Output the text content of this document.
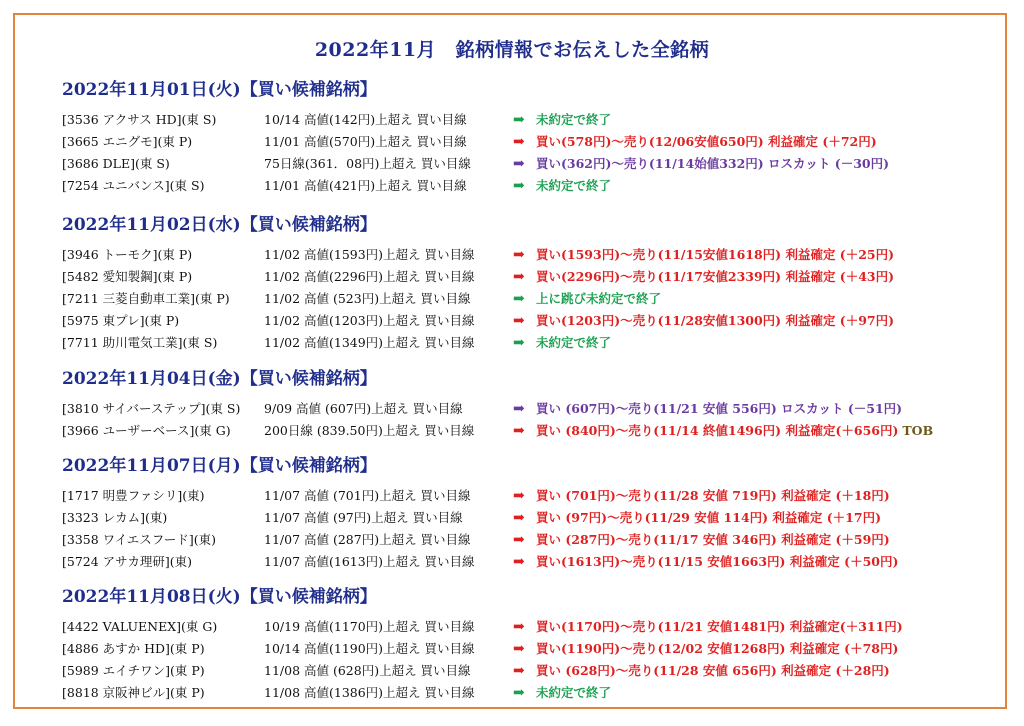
2022年11月　銘柄情報でお伝えした全銘柄
2022年11月01日(火)【買い候補銘柄】
[3536 アクサス HD](東 S)	10/14 高値(142円)上超え 買い目線	➡ 未約定で終了
[3665 エニグモ](東 P)	11/01 高値(570円)上超え 買い目線	➡ 買い(578円)～売り(12/06安値650円) 利益確定 (＋72円)
[3686 DLE](東 S)	75日線(361．08円)上超え 買い目線	➡ 買い(362円)～売り(11/14始値332円) ロスカット (－30円)
[7254 ユニバンス](東 S)	11/01 高値(421円)上超え 買い目線	➡ 未約定で終了
2022年11月02日(水)【買い候補銘柄】
[3946 トーモク](東 P)	11/02 高値(1593円)上超え 買い目線	➡ 買い(1593円)～売り(11/15安値1618円) 利益確定 (＋25円)
[5482 愛知製鋼](東 P)	11/02 高値(2296円)上超え 買い目線	➡ 買い(2296円)～売り(11/17安値2339円) 利益確定 (＋43円)
[7211 三菱自動車工業](東 P)	11/02 高値 (523円)上超え 買い目線	➡ 上に跳び未約定で終了
[5975 東プレ](東 P)	11/02 高値(1203円)上超え 買い目線	➡ 買い(1203円)～売り(11/28安値1300円) 利益確定 (＋97円)
[7711 助川電気工業](東 S)	11/02 高値(1349円)上超え 買い目線	➡ 未約定で終了
2022年11月04日(金)【買い候補銘柄】
[3810 サイバーステップ](東 S) 9/09 高値 (607円)上超え 買い目線	➡ 買い (607円)～売り(11/21 安値 556円) ロスカット (－51円)
[3966 ユーザーベース](東 G)	200日線 (839.50円)上超え 買い目線	➡ 買い (840円)～売り(11/14 終値1496円) 利益確定(＋656円) TOB
2022年11月07日(月)【買い候補銘柄】
[1717 明豊ファシリ](東)	11/07 高値 (701円)上超え 買い目線	➡ 買い (701円)～売り(11/28 安値 719円) 利益確定 (＋18円)
[3323 レカム](東)	11/07 高値 (97円)上超え 買い目線	➡ 買い (97円)～売り(11/29 安値 114円) 利益確定 (＋17円)
[3358 ワイエスフード](東)	11/07 高値 (287円)上超え 買い目線	➡ 買い (287円)～売り(11/17 安値 346円) 利益確定 (＋59円)
[5724 アサカ理研](東)	11/07 高値(1613円)上超え 買い目線	➡ 買い(1613円)～売り(11/15 安値1663円) 利益確定 (＋50円)
2022年11月08日(火)【買い候補銘柄】
[4422 VALUENEX](東 G)	10/19 高値(1170円)上超え 買い目線	➡ 買い(1170円)～売り(11/21 安値1481円) 利益確定(＋311円)
[4886 あすか HD](東 P)	10/14 高値(1190円)上超え 買い目線	➡ 買い(1190円)～売り(12/02 安値1268円) 利益確定 (＋78円)
[5989 エイチワン](東 P)	11/08 高値 (628円)上超え 買い目線	➡ 買い (628円)～売り(11/28 安値 656円) 利益確定 (＋28円)
[8818 京阪神ビル](東 P)	11/08 高値(1386円)上超え 買い目線	➡ 未約定で終了
